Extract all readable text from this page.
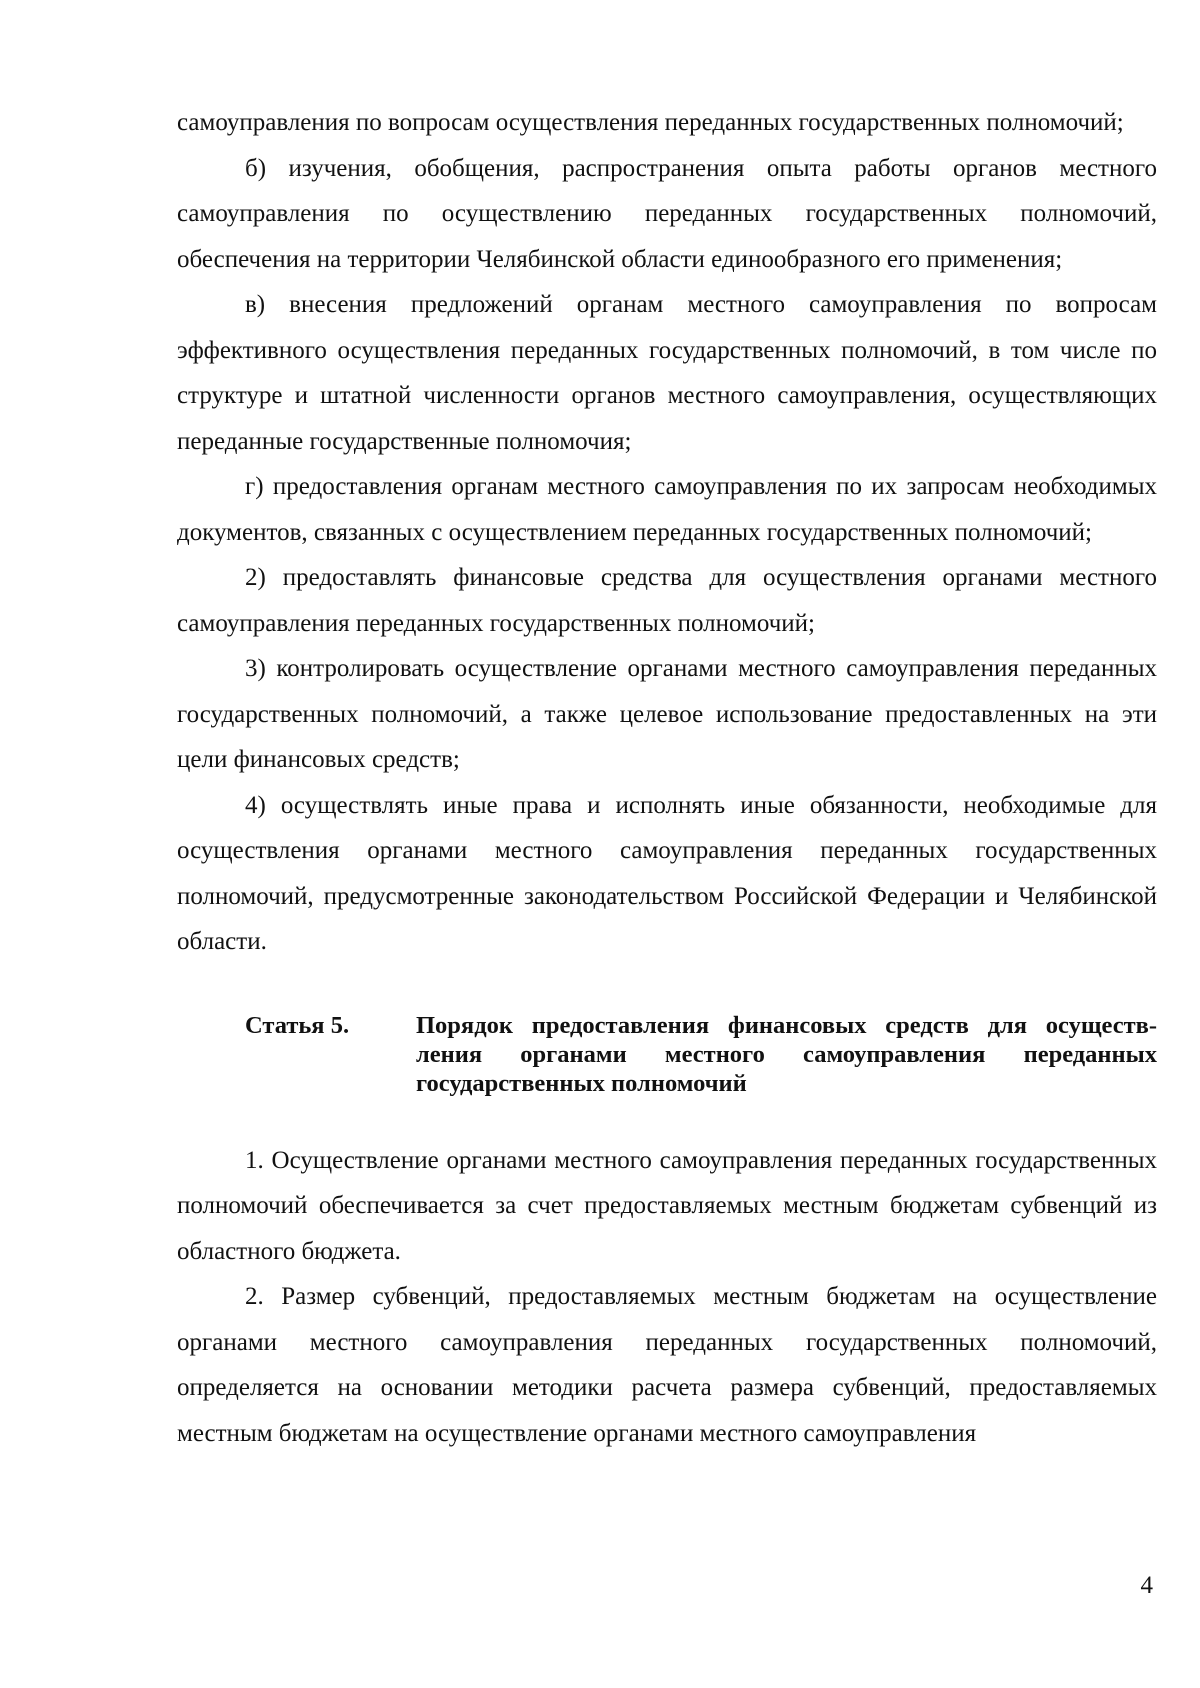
самоуправления по вопросам осуществления переданных государственных полномочий;

б) изучения, обобщения, распространения опыта работы органов местного самоуправления по осуществлению переданных государственных полномочий, обеспечения на территории Челябинской области единообразного его применения;

в) внесения предложений органам местного самоуправления по вопросам эффективного осуществления переданных государственных полномочий, в том числе по структуре и штатной численности органов местного самоуправления, осуществляющих переданные государственные полномочия;

г) предоставления органам местного самоуправления по их запросам необходимых документов, связанных с осуществлением переданных государственных полномочий;

2) предоставлять финансовые средства для осуществления органами местного самоуправления переданных государственных полномочий;

3) контролировать осуществление органами местного самоуправления переданных государственных полномочий, а также целевое использование предоставленных на эти цели финансовых средств;

4) осуществлять иные права и исполнять иные обязанности, необходимые для осуществления органами местного самоуправления переданных государственных полномочий, предусмотренные законодательством Российской Федерации и Челябинской области.

Статья 5.	Порядок предоставления финансовых средств для осуществ-ления органами местного самоуправления переданных государственных полномочий

1. Осуществление органами местного самоуправления переданных государственных полномочий обеспечивается за счет предоставляемых местным бюджетам субвенций из областного бюджета.

2. Размер субвенций, предоставляемых местным бюджетам на осуществление органами местного самоуправления переданных государственных полномочий, определяется на основании методики расчета размера субвенций, предоставляемых местным бюджетам на осуществление органами местного самоуправления

4
